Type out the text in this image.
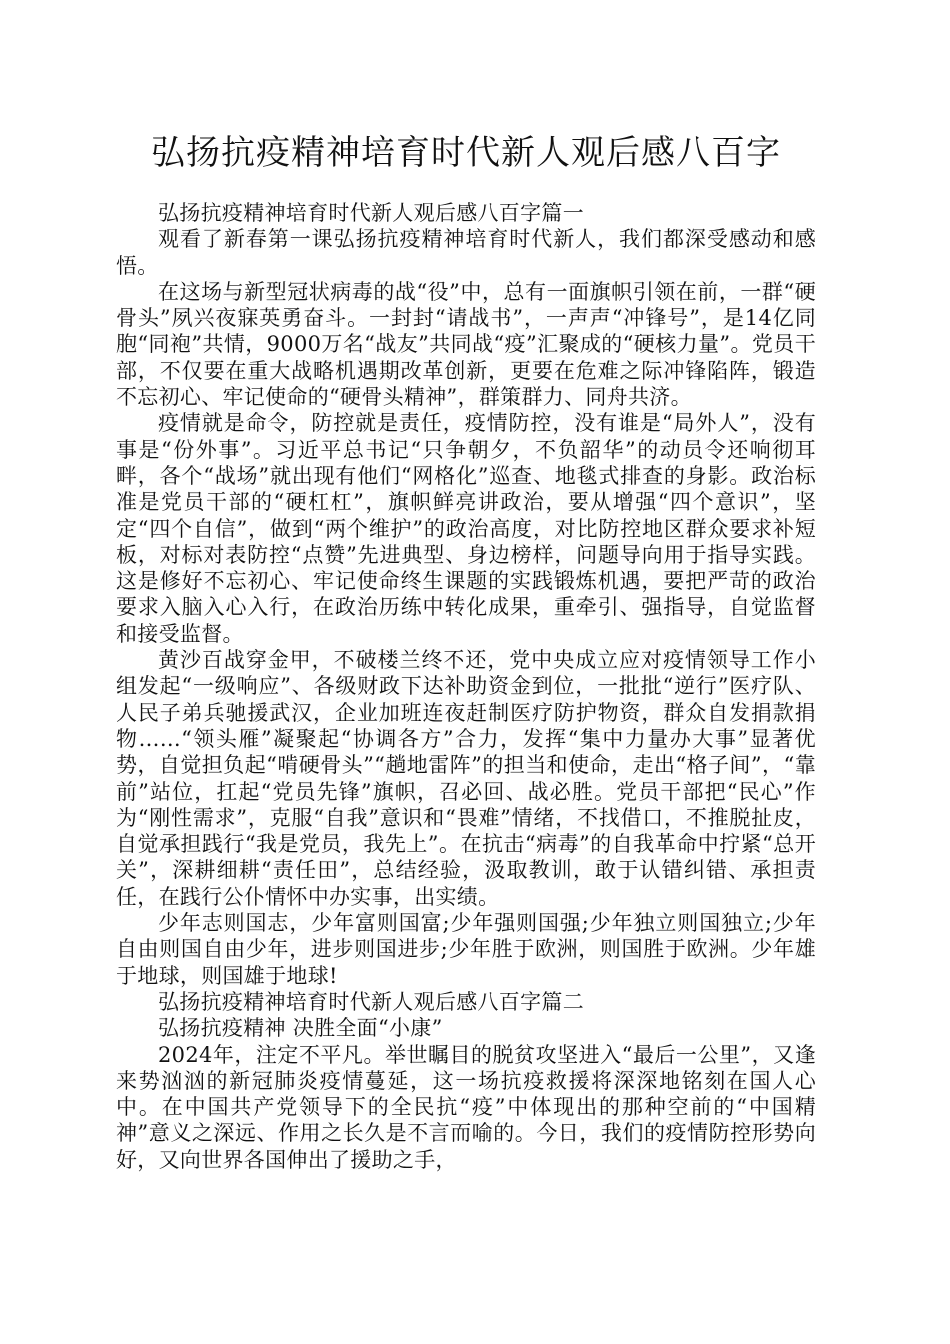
弘扬抗疫精神培育时代新人观后感八百字

弘扬抗疫精神培育时代新人观后感八百字篇一

观看了新春第一课弘扬抗疫精神培育时代新人，我们都深受感动和感悟。

在这场与新型冠状病毒的战“役”中，总有一面旗帜引领在前，一群“硬骨头”夙兴夜寐英勇奋斗。一封封“请战书”，一声声“冲锋号”，是14亿同胞“同袍”共情，9000万名“战友”共同战“疫”汇聚成的“硬核力量”。党员干部，不仅要在重大战略机遇期改革创新，更要在危难之际冲锋陷阵，锻造不忘初心、牢记使命的“硬骨头精神”，群策群力、同舟共济。

疫情就是命令，防控就是责任，疫情防控，没有谁是“局外人”，没有事是“份外事”。习近平总书记“只争朝夕，不负韶华”的动员令还响彻耳畔，各个“战场”就出现有他们“网格化”巡查、地毯式排查的身影。政治标准是党员干部的“硬杠杠”，旗帜鲜亮讲政治，要从增强“四个意识”，坚定“四个自信”，做到“两个维护”的政治高度，对比防控地区群众要求补短板，对标对表防控“点赞”先进典型、身边榜样，问题导向用于指导实践。这是修好不忘初心、牢记使命终生课题的实践锻炼机遇，要把严苛的政治要求入脑入心入行，在政治历练中转化成果，重牵引、强指导，自觉监督和接受监督。

黄沙百战穿金甲，不破楼兰终不还，党中央成立应对疫情领导工作小组发起“一级响应”、各级财政下达补助资金到位，一批批“逆行”医疗队、人民子弟兵驰援武汉，企业加班连夜赶制医疗防护物资，群众自发捐款捐物……“领头雁”凝聚起“协调各方”合力，发挥“集中力量办大事”显著优势，自觉担负起“啃硬骨头”“趟地雷阵”的担当和使命，走出“格子间”，“靠前”站位，扛起“党员先锋”旗帜，召必回、战必胜。党员干部把“民心”作为“刚性需求”，克服“自我”意识和“畏难”情绪，不找借口，不推脱扯皮，自觉承担践行“我是党员，我先上”。在抗击“病毒”的自我革命中拧紧“总开关”，深耕细耕“责任田”，总结经验，汲取教训，敢于认错纠错、承担责任，在践行公仆情怀中办实事，出实绩。

少年志则国志，少年富则国富;少年强则国强;少年独立则国独立;少年自由则国自由少年，进步则国进步;少年胜于欧洲，则国胜于欧洲。少年雄于地球，则国雄于地球!

弘扬抗疫精神培育时代新人观后感八百字篇二

弘扬抗疫精神 决胜全面“小康”

2024年，注定不平凡。举世瞩目的脱贫攻坚进入“最后一公里”，又逢来势汹汹的新冠肺炎疫情蔓延，这一场抗疫救援将深深地铭刻在国人心中。在中国共产党领导下的全民抗“疫”中体现出的那种空前的“中国精神”意义之深远、作用之长久是不言而喻的。今日，我们的疫情防控形势向好，又向世界各国伸出了援助之手，
